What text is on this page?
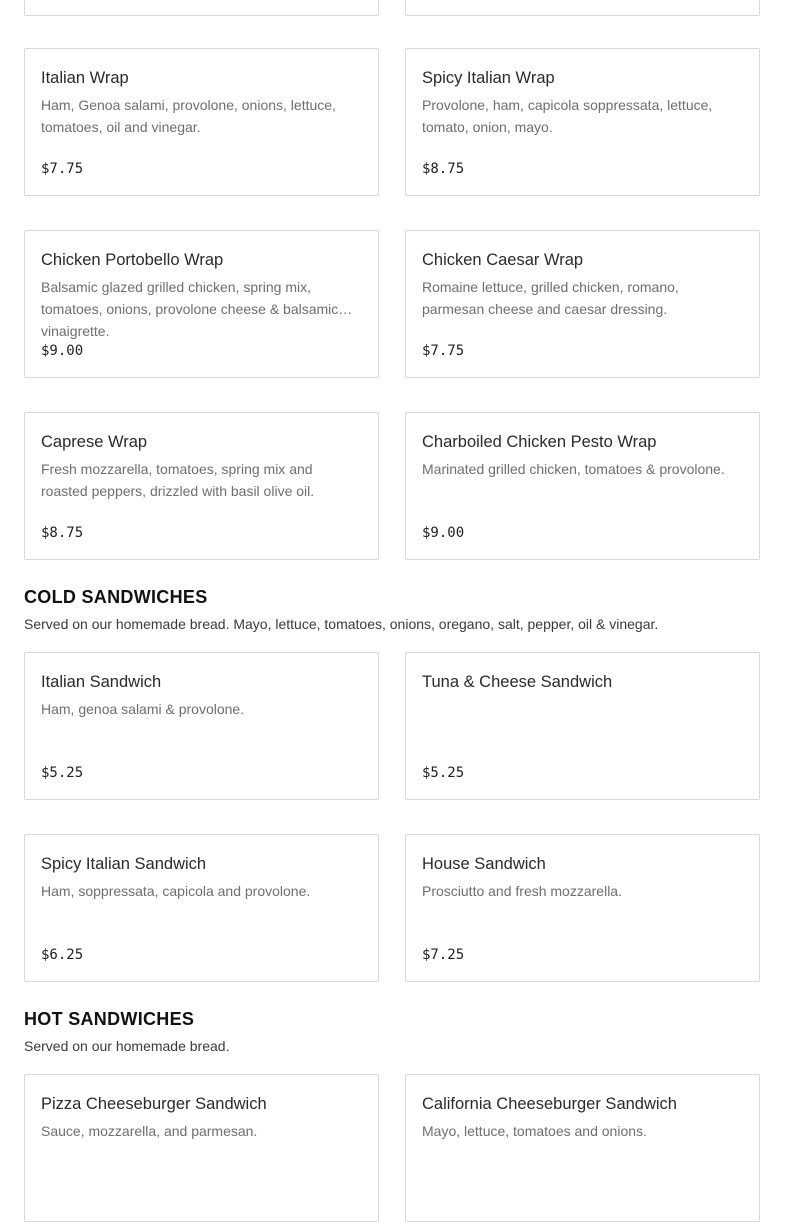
Italian Wrap
Ham, Genoa salami, provolone, onions, lettuce, tomatoes, oil and vinegar.
$7.75
Spicy Italian Wrap
Provolone, ham, capicola soppressata, lettuce, tomato, onion, mayo.
$8.75
Chicken Portobello Wrap
Balsamic glazed grilled chicken, spring mix, tomatoes, onions, provolone cheese & balsamic vinaigrette.
$9.00
Chicken Caesar Wrap
Romaine lettuce, grilled chicken, romano, parmesan cheese and caesar dressing.
$7.75
Caprese Wrap
Fresh mozzarella, tomatoes, spring mix and roasted peppers, drizzled with basil olive oil.
$8.75
Charboiled Chicken Pesto Wrap
Marinated grilled chicken, tomatoes & provolone.
$9.00
COLD SANDWICHES
Served on our homemade bread. Mayo, lettuce, tomatoes, onions, oregano, salt, pepper, oil & vinegar.
Italian Sandwich
Ham, genoa salami & provolone.
$5.25
Tuna & Cheese Sandwich
$5.25
Spicy Italian Sandwich
Ham, soppressata, capicola and provolone.
$6.25
House Sandwich
Prosciutto and fresh mozzarella.
$7.25
HOT SANDWICHES
Served on our homemade bread.
Pizza Cheeseburger Sandwich
Sauce, mozzarella, and parmesan.
California Cheeseburger Sandwich
Mayo, lettuce, tomatoes and onions.
